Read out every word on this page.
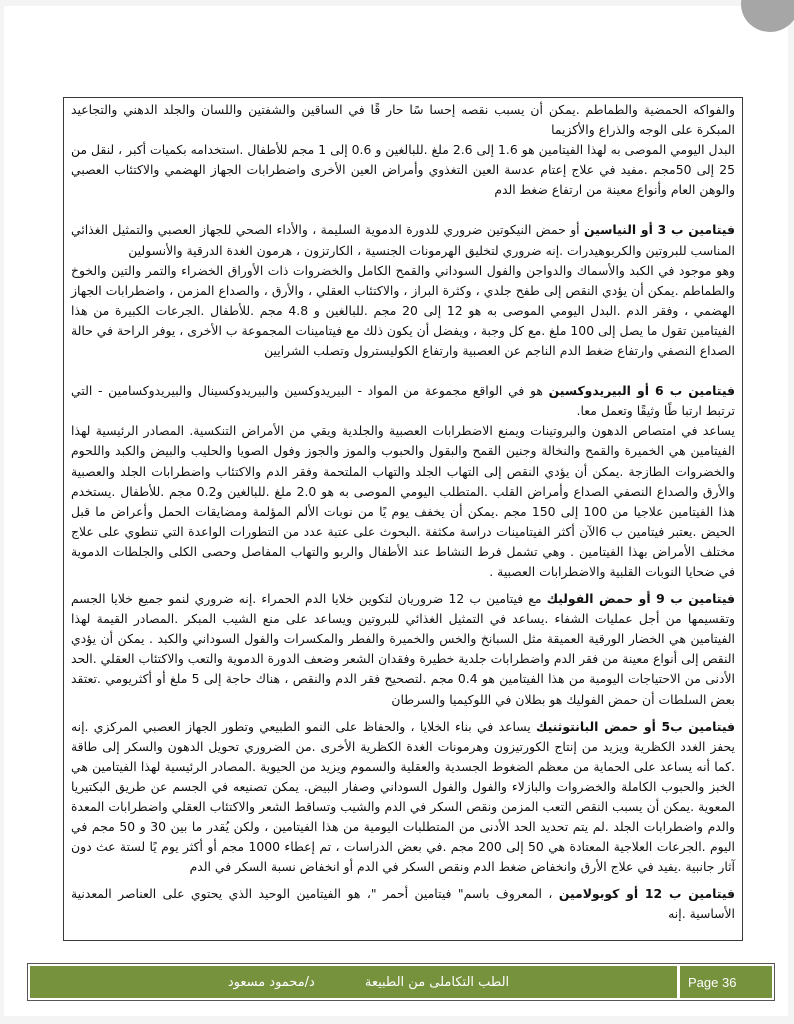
والفواكه الحمضية والطماطم .يمكن أن يسبب نقصه إحسا سًا حار قًا في الساقين والشفتين واللسان والجلد الدهني والتجاعيد المبكرة على الوجه والذراع والأكزيما

البدل اليومي الموصى به لهذا الفيتامين هو 1.6 إلى 2.6 ملغ .للبالغين و 0.6 إلى 1 مجم للأطفال .استخدامه بكميات أكبر ، لنقل من 25 إلى 50مجم .مفيد في علاج إعتام عدسة العين التغذوي وأمراض العين الأخرى واضطرابات الجهاز الهضمي والاكتئاب العصبي والوهن العام وأنواع معينة من ارتفاع ضغط الدم

فيتامين ب 3 أو النياسين أو حمض النيكوتين ضروري للدورة الدموية السليمة ، والأداء الصحي للجهاز العصبي والتمثيل الغذائي المناسب للبروتين والكربوهيدرات .إنه ضروري لتخليق الهرمونات الجنسية ، الكارتزون ، هرمون الغدة الدرقية والأنسولين

وهو موجود في الكبد والأسماك والدواجن والفول السوداني والقمح الكامل والخضروات ذات الأوراق الخضراء والتمر والتين والخوخ والطماطم .يمكن أن يؤدي النقص إلى طفح جلدي ، وكثرة البراز ، والاكتئاب العقلي ، والأرق ، والصداع المزمن ، واضطرابات الجهاز الهضمي ، وفقر الدم .البدل اليومي الموصى به هو 12 إلى 20 مجم .للبالغين و 4.8 مجم .للأطفال .الجرعات الكبيرة من هذا الفيتامين تقول ما يصل إلى 100 ملغ .مع كل وجبة ، ويفضل أن يكون ذلك مع فيتامينات المجموعة ب الأخرى ، يوفر الراحة في حالة الصداع النصفي وارتفاع ضغط الدم الناجم عن العصبية وارتفاع الكوليسترول وتصلب الشرايين

فيتامين ب 6 أو البيريدوكسين هو في الواقع مجموعة من المواد - البيريدوكسين والبيريدوكسينال والبيريدوكسامين - التي ترتبط ارتبا طًا وثيقًا وتعمل معا.

يساعد في امتصاص الدهون والبروتينات ويمنع الاضطرابات العصبية والجلدية ويقي من الأمراض التنكسية. المصادر الرئيسية لهذا الفيتامين هي الخميرة والقمح والنخالة وجنين القمح والبقول والحبوب والموز والجوز وفول الصويا والحليب والبيض والكبد واللحوم والخضروات الطازجة .يمكن أن يؤدي النقص إلى التهاب الجلد والتهاب الملتحمة وفقر الدم والاكتئاب واضطرابات الجلد والعصبية والأرق والصداع النصفي الصداع وأمراض القلب .المتطلب اليومي الموصى به هو 2.0 ملغ .للبالغين و0.2 مجم .للأطفال .يستخدم هذا الفيتامين علاجيا من 100 إلى 150 مجم .يمكن أن يخفف يوم يًا من نوبات الألم المؤلمة ومضايقات الحمل وأعراض ما قبل الحيض .يعتبر فيتامين ب 6الآن أكثر الفيتامينات دراسة مكثفة .البحوث على عتبة عدد من التطورات الواعدة التي تنطوي على علاج مختلف الأمراض بهذا الفيتامين . وهي تشمل فرط النشاط عند الأطفال والربو والتهاب المفاصل وحصى الكلى والجلطات الدموية في ضحايا النوبات القلبية والاضطرابات العصبية .

فيتامين ب 9 أو حمض الفوليك مع فيتامين ب 12 ضروريان لتكوين خلايا الدم الحمراء .إنه ضروري لنمو جميع خلايا الجسم وتقسيمها من أجل عمليات الشفاء .يساعد في التمثيل الغذائي للبروتين ويساعد على منع الشيب المبكر .المصادر القيمة لهذا الفيتامين هي الخضار الورقية العميقة مثل السبانخ والخس والخميرة والفطر والمكسرات والفول السوداني والكبد . يمكن أن يؤدي النقص إلى أنواع معينة من فقر الدم واضطرابات جلدية خطيرة وفقدان الشعر وضعف الدورة الدموية والتعب والاكتئاب العقلي .الحد الأدنى من الاحتياجات اليومية من هذا الفيتامين هو 0.4 مجم .لتصحيح فقر الدم والنقص ، هناك حاجة إلى 5 ملغ أو أكثريومي .تعتقد بعض السلطات أن حمض الفوليك هو بطلان في اللوكيميا والسرطان

فيتامين ب5 أو حمض البانتوثنيك يساعد في بناء الخلايا ، والحفاظ على النمو الطبيعي وتطور الجهاز العصبي المركزي .إنه يحفز الغدد الكظرية ويزيد من إنتاج الكورتيزون وهرمونات الغدة الكظرية الأخرى .من الضروري تحويل الدهون والسكر إلى طاقة .كما أنه يساعد على الحماية من معظم الضغوط الجسدية والعقلية والسموم ويزيد من الحيوية .المصادر الرئيسية لهذا الفيتامين هي الخبز والحبوب الكاملة والخضروات والبازلاء والفول والفول السوداني وصفار البيض. يمكن تصنيعه في الجسم عن طريق البكتيريا المعوية .يمكن أن يسبب النقص التعب المزمن ونقص السكر في الدم والشيب وتساقط الشعر والاكتئاب العقلي واضطرابات المعدة والدم واضطرابات الجلد .لم يتم تحديد الحد الأدنى من المتطلبات اليومية من هذا الفيتامين ، ولكن يُقدر ما بين 30 و 50 مجم في اليوم .الجرعات العلاجية المعتادة هي 50 إلى 200 مجم .في بعض الدراسات ، تم إعطاء 1000 مجم أو أكثر يوم يًا لستة عث دون آثار جانبية .يفيد في علاج الأرق وانخفاض ضغط الدم ونقص السكر في الدم أو انخفاض نسبة السكر في الدم

فيتامين ب 12 أو كوبولامين ، المعروف باسم" فيتامين أحمر "، هو الفيتامين الوحيد الذي يحتوي على العناصر المعدنية الأساسية .إنه

الطب التكاملى من الطبيعة
د/محمود مسعود	Page 36
